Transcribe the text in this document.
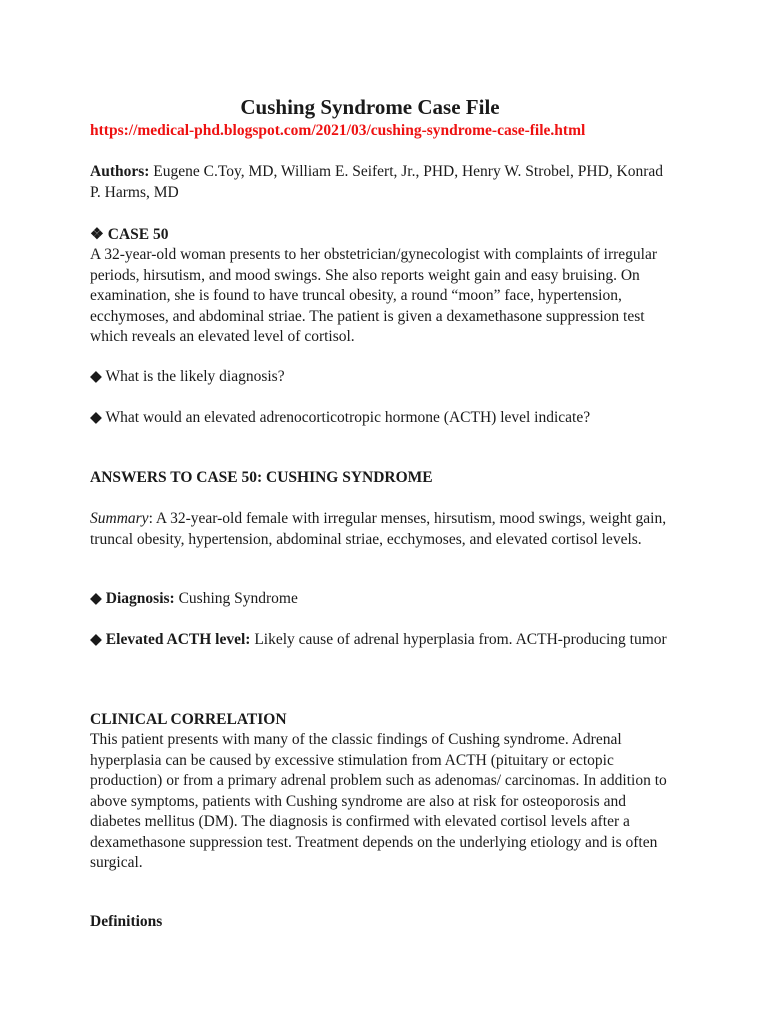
Cushing Syndrome Case File
https://medical-phd.blogspot.com/2021/03/cushing-syndrome-case-file.html

Authors: Eugene C.Toy, MD, William E. Seifert, Jr., PHD, Henry W. Strobel, PHD, Konrad P. Harms, MD

❖ CASE 50

A 32-year-old woman presents to her obstetrician/gynecologist with complaints of irregular periods, hirsutism, and mood swings. She also reports weight gain and easy bruising. On examination, she is found to have truncal obesity, a round “moon” face, hypertension, ecchymoses, and abdominal striae. The patient is given a dexamethasone suppression test which reveals an elevated level of cortisol.

◆ What is the likely diagnosis?

◆ What would an elevated adrenocorticotropic hormone (ACTH) level indicate?

ANSWERS TO CASE 50: CUSHING SYNDROME

Summary: A 32-year-old female with irregular menses, hirsutism, mood swings, weight gain, truncal obesity, hypertension, abdominal striae, ecchymoses, and elevated cortisol levels.

◆ Diagnosis: Cushing Syndrome

◆ Elevated ACTH level: Likely cause of adrenal hyperplasia from. ACTH-producing tumor

CLINICAL CORRELATION

This patient presents with many of the classic findings of Cushing syndrome. Adrenal hyperplasia can be caused by excessive stimulation from ACTH (pituitary or ectopic production) or from a primary adrenal problem such as adenomas/ carcinomas. In addition to above symptoms, patients with Cushing syndrome are also at risk for osteoporosis and diabetes mellitus (DM). The diagnosis is confirmed with elevated cortisol levels after a dexamethasone suppression test. Treatment depends on the underlying etiology and is often surgical.

Definitions
